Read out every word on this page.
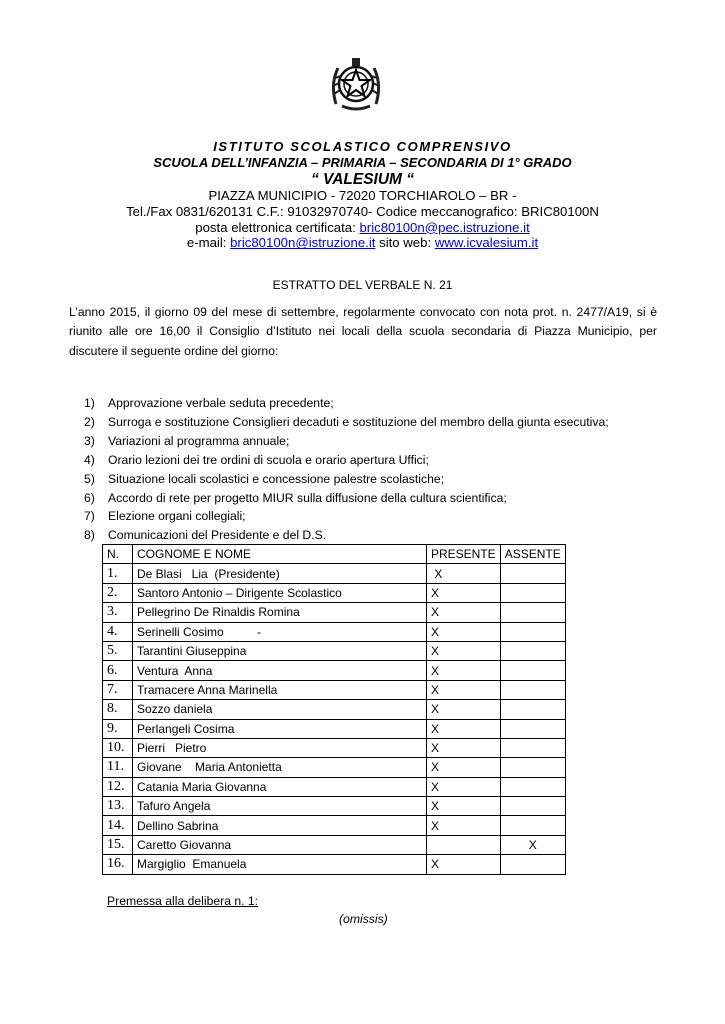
ISTITUTO SCOLASTICO COMPRENSIVO
SCUOLA DELL’INFANZIA – PRIMARIA – SECONDARIA DI 1° GRADO
“ VALESIUM “
PIAZZA MUNICIPIO - 72020 TORCHIAROLO – BR -
Tel./Fax 0831/620131 C.F.: 91032970740- Codice meccanografico: BRIC80100N
posta elettronica certificata: bric80100n@pec.istruzione.it
e-mail: bric80100n@istruzione.it sito web: www.icvalesium.it
ESTRATTO DEL VERBALE N. 21
L’anno 2015, il giorno 09 del mese di settembre, regolarmente convocato con nota prot. n. 2477/A19, si è
riunito alle ore 16,00 il Consiglio d’Istituto nei locali della scuola secondaria di Piazza Municipio, per
discutere il seguente ordine del giorno:
1) Approvazione verbale seduta precedente;
2) Surroga e sostituzione Consiglieri decaduti e sostituzione del membro della giunta esecutiva;
3) Variazioni al programma annuale;
4) Orario lezioni dei tre ordini di scuola e orario apertura Uffici;
5) Situazione locali scolastici e concessione palestre scolastiche;
6) Accordo di rete per progetto MIUR sulla diffusione della cultura scientifica;
7) Elezione organi collegiali;
8) Comunicazioni del Presidente e del D.S.
N.	COGNOME E NOME	PRESENTE	ASSENTE
1.	De Blasi   Lia  (Presidente)	X	
2.	Santoro Antonio – Dirigente Scolastico	X	
3.	Pellegrino De Rinaldis Romina	X	
4.	Serinelli Cosimo          -	X	
5.	Tarantini Giuseppina	X	
6.	Ventura  Anna	X	
7.	Tramacere Anna Marinella	X	
8.	Sozzo daniela	X	
9.	Perlangeli Cosima	X	
10.	Pierri   Pietro	X	
11.	Giovane    Maria Antonietta	X	
12.	Catania Maria Giovanna	X	
13.	Tafuro Angela	X	
14.	Dellino Sabrina	X	
15.	Caretto Giovanna		X
16.	Margiglio  Emanuela	X	
Premessa alla delibera n. 1:
(omissis)
